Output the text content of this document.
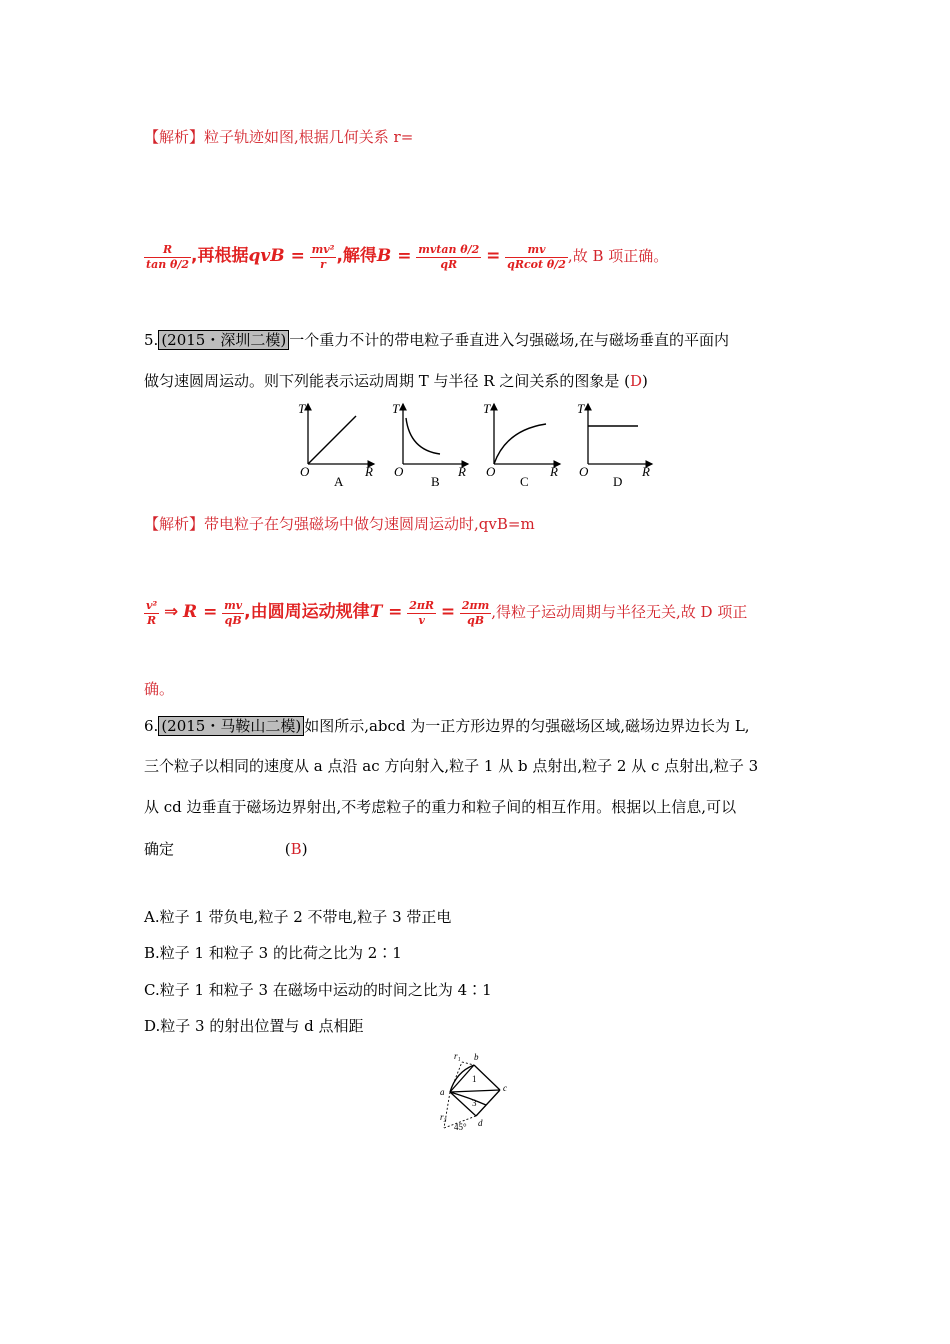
【解析】粒子轨迹如图,根据几何关系 r=
$\frac{R}{\text{tan θ/2}}$ ,再根据qvB = $\frac{\text{mv²}}{r}$ ,解得$B = \frac{\text{mvtan θ/2}}{qR} = \frac{mv}{\text{qRcot θ/2}}$ ,故 B 项正确。
5. (2015・深圳二模) 一个重力不计的带电粒子垂直进入匀强磁场,在与磁场垂直的平面内
做匀速圆周运动。则下列能表示运动周期 T 与半径 R 之间关系的图象是 (D)
T
O	R
A
T
O	R
B
T
O	R
C
T
O	R
D
【解析】带电粒子在匀强磁场中做匀速圆周运动时,qvB=m
$\frac{\text{v²}}{R}$ ⇒ $R = \frac{mv}{qB}$ ,由圆周运动规律$T = \frac{2\pi R}{v} = \frac{2\pi m}{qB}$ ,得粒子运动周期与半径无关,故 D 项正
确。
6. (2015・马鞍山二模) 如图所示,abcd 为一正方形边界的匀强磁场区域,磁场边界边长为 L,
三个粒子以相同的速度从 a 点沿 ac 方向射入,粒子 1 从 b 点射出,粒子 2 从 c 点射出,粒子 3
从 cd 边垂直于磁场边界射出,不考虑粒子的重力和粒子间的相互作用。根据以上信息,可以
确定	(B)
A.粒子 1 带负电,粒子 2 不带电,粒子 3 带正电
B.粒子 1 和粒子 3 的比荷之比为 2∶1
C.粒子 1 和粒子 3 在磁场中运动的时间之比为 4∶1
D.粒子 3 的射出位置与 d 点相距
r₁ b
1
c
a
3
r₃
45° d
